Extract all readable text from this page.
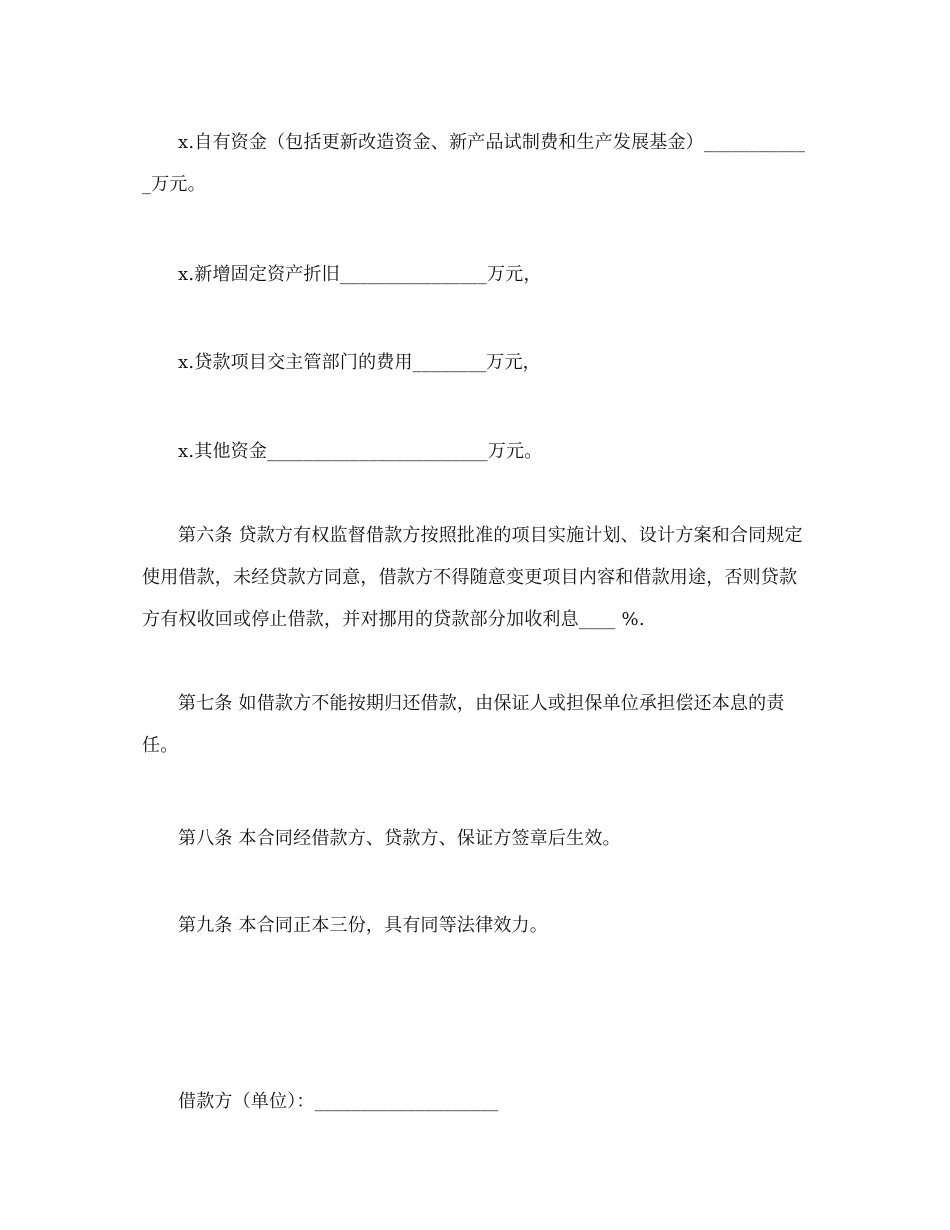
x.自有资金（包括更新改造资金、新产品试制费和生产发展基金）____________万元。

x.新增固定资产折旧________________万元，

x.贷款项目交主管部门的费用________万元，

x.其他资金________________________万元。

第六条 贷款方有权监督借款方按照批准的项目实施计划、设计方案和合同规定使用借款，未经贷款方同意，借款方不得随意变更项目内容和借款用途，否则贷款方有权收回或停止借款，并对挪用的贷款部分加收利息____ %.

第七条 如借款方不能按期归还借款，由保证人或担保单位承担偿还本息的责任。

第八条 本合同经借款方、贷款方、保证方签章后生效。

第九条 本合同正本三份，具有同等法律效力。

借款方（单位）：____________________
